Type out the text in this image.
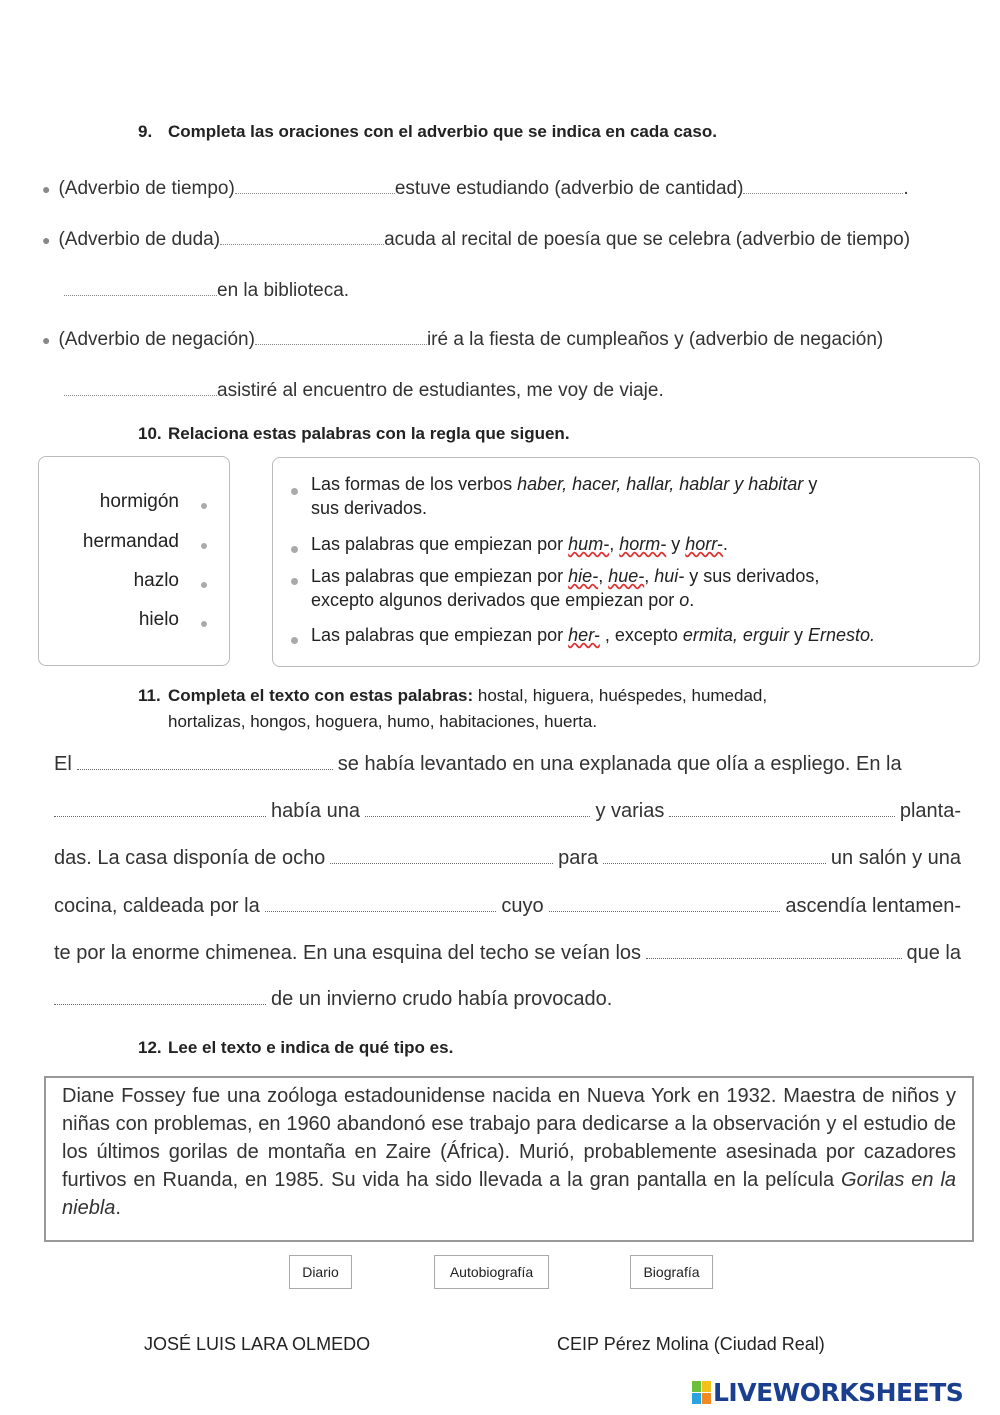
9. Completa las oraciones con el adverbio que se indica en cada caso.
● (Adverbio de tiempo)	estuve estudiando (adverbio de cantidad)	.
● (Adverbio de duda)	acuda al recital de poesía que se celebra (adverbio de tiempo)
en la biblioteca.
● (Adverbio de negación)	iré a la fiesta de cumpleaños y (adverbio de negación)
asistiré al encuentro de estudiantes, me voy de viaje.
10. Relaciona estas palabras con la regla que siguen.
hormigón
hermandad
hazlo
hielo
Las formas de los verbos haber, hacer, hallar, hablar y habitar y
sus derivados.
Las palabras que empiezan por hum-, horm- y horr-.
Las palabras que empiezan por hie-, hue-, hui- y sus derivados,
excepto algunos derivados que empiezan por o.
Las palabras que empiezan por her- , excepto ermita, erguir y Ernesto.
11. Completa el texto con estas palabras: hostal, higuera, huéspedes, humedad,
hortalizas, hongos, hoguera, humo, habitaciones, huerta.
El	se había levantado en una explanada que olía a espliego. En la
había una	y varias	planta-
das. La casa disponía de ocho	para	un salón y una
cocina, caldeada por la	cuyo	ascendía lentamen-
te por la enorme chimenea. En una esquina del techo se veían los	que la
de un invierno crudo había provocado.
12. Lee el texto e indica de qué tipo es.
Diane Fossey fue una zoóloga estadounidense nacida en Nueva York en 1932. Maestra de niños y niñas con problemas, en 1960 abandonó ese trabajo para dedicarse a la observación y el estudio de los últimos gorilas de montaña en Zaire (África). Murió, probablemente asesinada por cazadores furtivos en Ruanda, en 1985. Su vida ha sido llevada a la gran pantalla en la película Gorilas en la niebla.
Diario	Autobiografía	Biografía
JOSÉ LUIS LARA OLMEDO	CEIP Pérez Molina (Ciudad Real)
LIVEWORKSHEETS
